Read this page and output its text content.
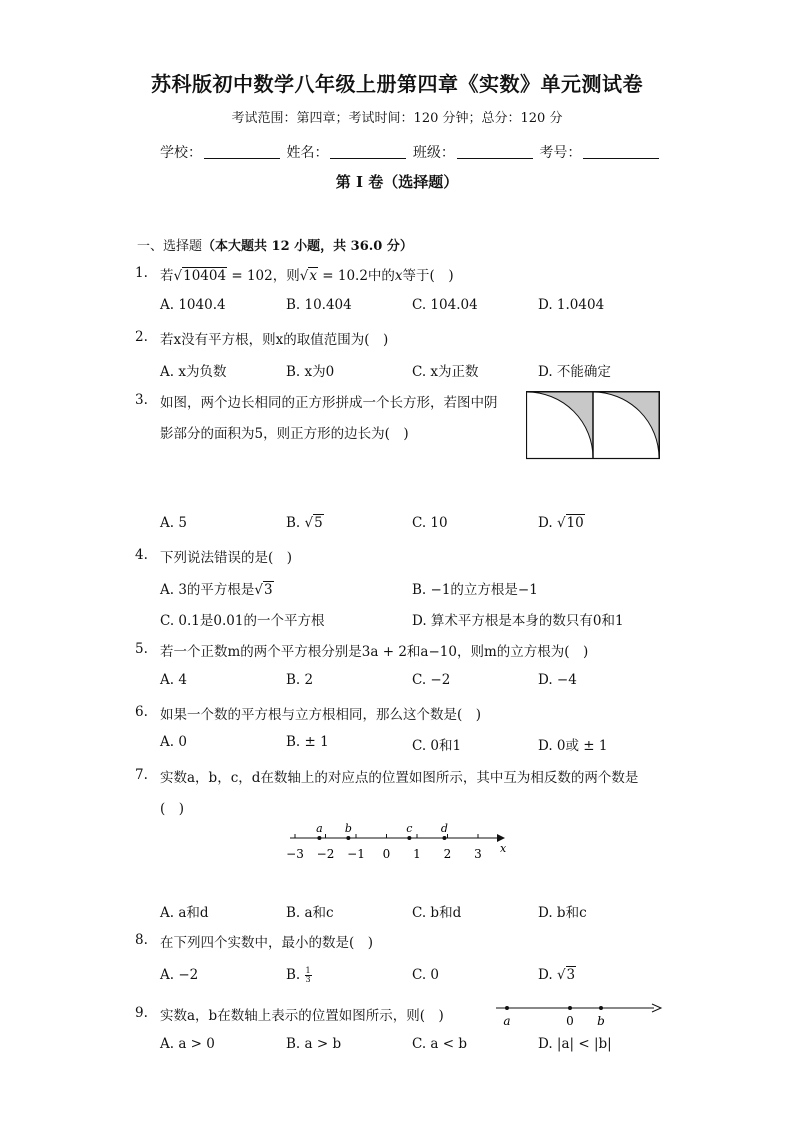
苏科版初中数学八年级上册第四章《实数》单元测试卷
考试范围：第四章；考试时间：120 分钟；总分：120 分
学校：	姓名：	班级：	考号：
第 I 卷（选择题）
一、选择题（本大题共 12 小题，共 36.0 分）
1. 若√10404 = 102，则√x = 10.2中的x等于(　)
A. 1040.4	B. 10.404	C. 104.04	D. 1.0404
2. 若x没有平方根，则x的取值范围为(　)
A. x为负数	B. x为0	C. x为正数	D. 不能确定
3. 如图，两个边长相同的正方形拼成一个长方形，若图中阴
影部分的面积为5，则正方形的边长为(　)
A. 5	B. √5	C. 10	D. √10
4. 下列说法错误的是(　)
A. 3的平方根是√3	B. −1的立方根是−1
C. 0.1是0.01的一个平方根	D. 算术平方根是本身的数只有0和1
5. 若一个正数m的两个平方根分别是3a + 2和a−10，则m的立方根为(　)
A. 4	B. 2	C. −2	D. −4
6. 如果一个数的平方根与立方根相同，那么这个数是(　)
A. 0	B. ± 1	C. 0和1	D. 0或 ± 1
7. 实数a，b，c，d在数轴上的对应点的位置如图所示，其中互为相反数的两个数是
(　)
−3 −2 −1 0 1 2 3
a b	c	d
x
A. a和d	B. a和c	C. b和d	D. b和c
8. 在下列四个实数中，最小的数是(　)
A. −2	B. $\frac{1}{3}$	C. 0	D. √3
9. 实数a，b在数轴上表示的位置如图所示，则(　)	a	0 b
A. a > 0	B. a > b	C. a < b	D. |a| < |b|
